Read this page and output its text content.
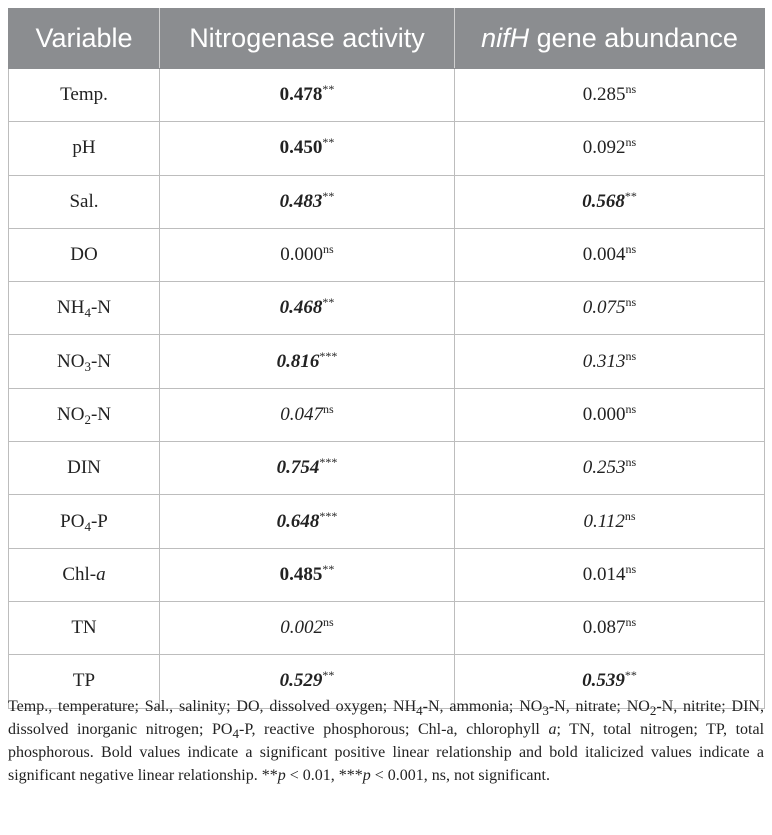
Variable	Nitrogenase activity	nifH gene abundance
Temp.	0.478**	$0.285^{ns}$
pH	0.450**	$0.092^{ns}$
Sal.	0.483**	0.568**
DO	$0.000^{ns}$	$0.004^{ns}$
$NH_4-N$	0.468**	$0.075^{ns}$
$NO_3-N$	0.816***	$0.313^{ns}$
$NO_2-N$	$0.047^{ns}$	$0.000^{ns}$
DIN	0.754***	$0.253^{ns}$
$PO_4-P$	0.648***	$0.112^{ns}$
Chl-a	0.485**	$0.014^{ns}$
TN	$0.002^{ns}$	$0.087^{ns}$
TP	0.529**	0.539**
Temp., temperature; Sal., salinity; DO, dissolved oxygen; $NH_4-N$, ammonia; $NO_3-N$, nitrate; $NO_2-N$, nitrite; DIN, dissolved inorganic nitrogen; $PO_4-P$, reactive phosphorous; Chl-a, chlorophyll a; TN, total nitrogen; TP, total phosphorous. Bold values indicate a significant positive linear relationship and bold italicized values indicate a significant negative linear relationship. **p < 0.01, ***p < 0.001, ns, not significant.
